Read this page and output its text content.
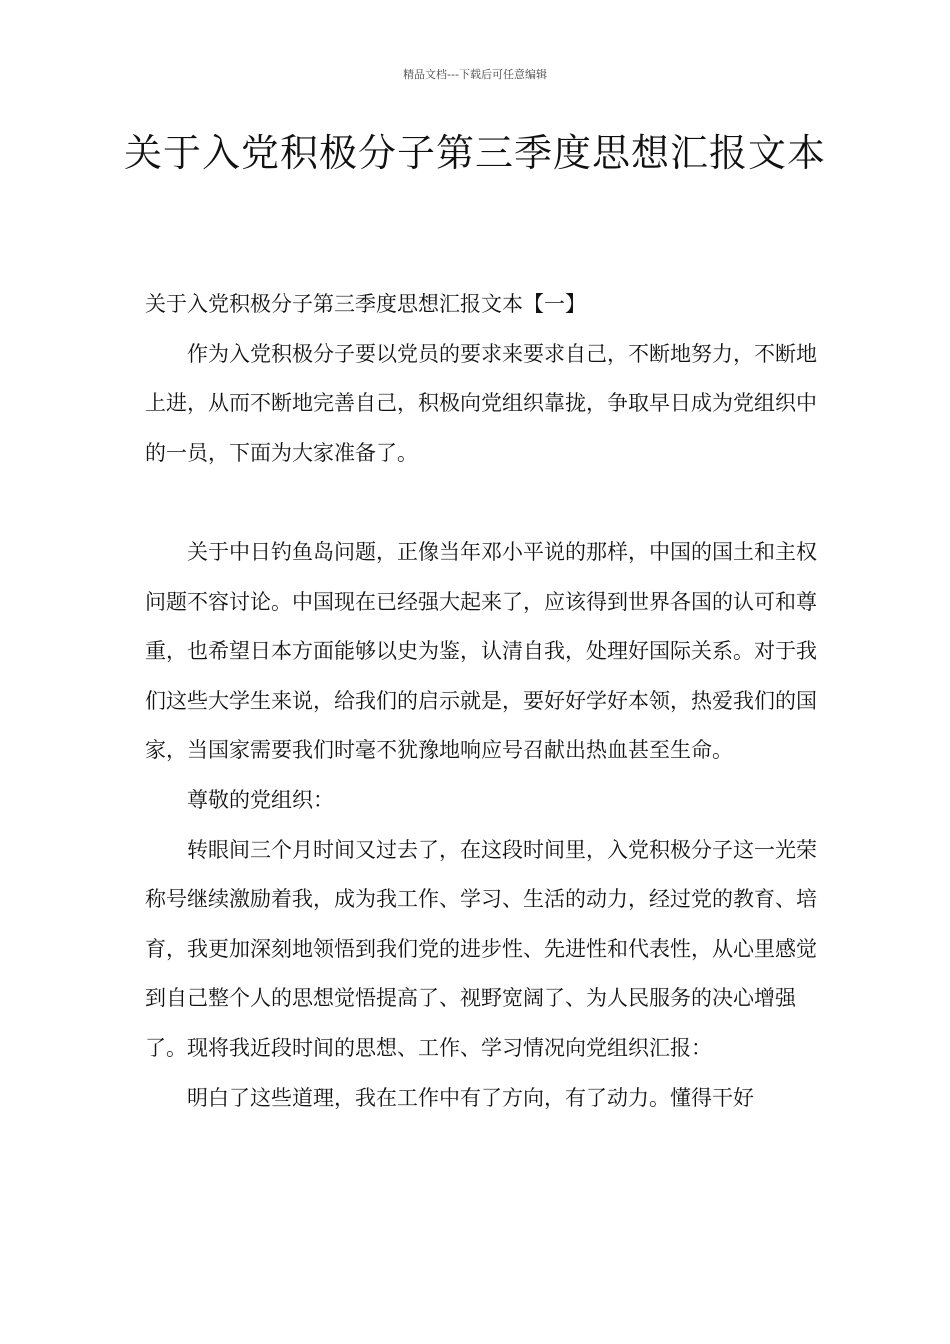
精品文档---下载后可任意编辑
关于入党积极分子第三季度思想汇报文本

关于入党积极分子第三季度思想汇报文本【一】

作为入党积极分子要以党员的要求来要求自己，不断地努力，不断地上进，从而不断地完善自己，积极向党组织靠拢，争取早日成为党组织中的一员，下面为大家准备了。

关于中日钓鱼岛问题，正像当年邓小平说的那样，中国的国土和主权问题不容讨论。中国现在已经强大起来了，应该得到世界各国的认可和尊重，也希望日本方面能够以史为鉴，认清自我，处理好国际关系。对于我们这些大学生来说，给我们的启示就是，要好好学好本领，热爱我们的国家，当国家需要我们时毫不犹豫地响应号召献出热血甚至生命。

尊敬的党组织：

转眼间三个月时间又过去了，在这段时间里，入党积极分子这一光荣称号继续激励着我，成为我工作、学习、生活的动力，经过党的教育、培育，我更加深刻地领悟到我们党的进步性、先进性和代表性，从心里感觉到自己整个人的思想觉悟提高了、视野宽阔了、为人民服务的决心增强了。现将我近段时间的思想、工作、学习情况向党组织汇报：

明白了这些道理，我在工作中有了方向，有了动力。懂得干好
